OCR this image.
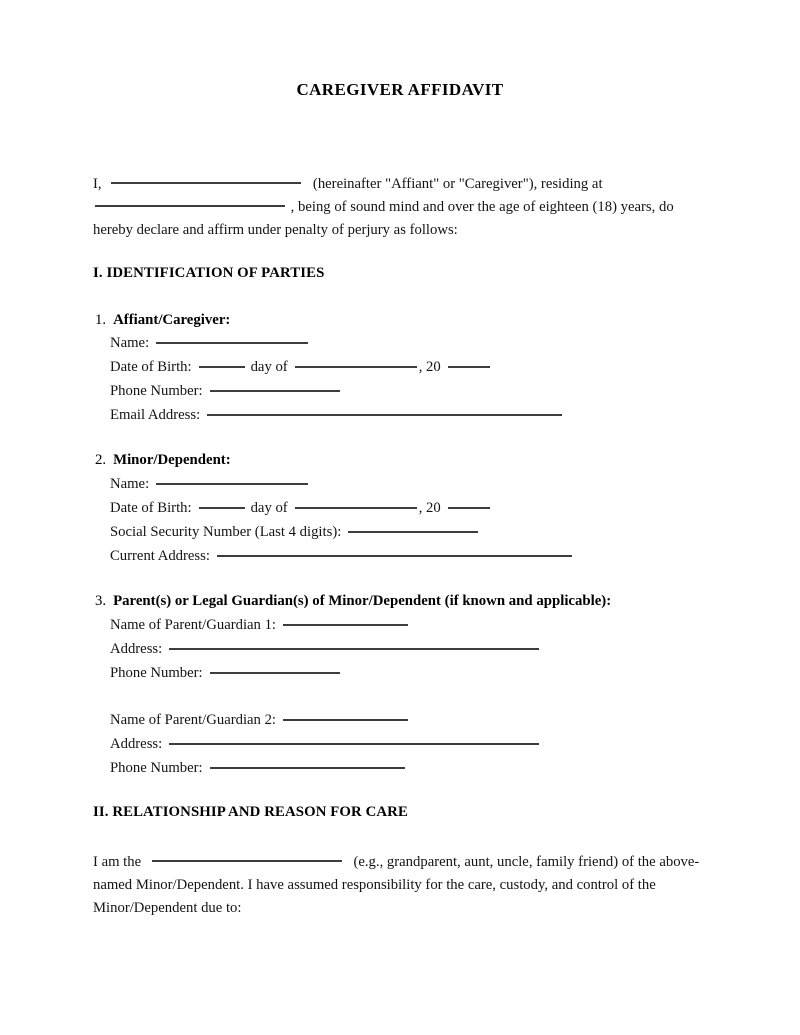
CAREGIVER AFFIDAVIT
I,	(hereinafter "Affiant" or "Caregiver"), residing at
, being of sound mind and over the age of eighteen (18) years, do
hereby declare and affirm under penalty of perjury as follows:
I. IDENTIFICATION OF PARTIES
1. Affiant/Caregiver:
Name:
Date of Birth:	day of	, 20
Phone Number:
Email Address:
2. Minor/Dependent:
Name:
Date of Birth:	day of	, 20
Social Security Number (Last 4 digits):
Current Address:
3. Parent(s) or Legal Guardian(s) of Minor/Dependent (if known and applicable):
Name of Parent/Guardian 1:
Address:
Phone Number:
Name of Parent/Guardian 2:
Address:
Phone Number:
II. RELATIONSHIP AND REASON FOR CARE
I am the	(e.g., grandparent, aunt, uncle, family friend) of the above-
named Minor/Dependent. I have assumed responsibility for the care, custody, and control of the
Minor/Dependent due to:
